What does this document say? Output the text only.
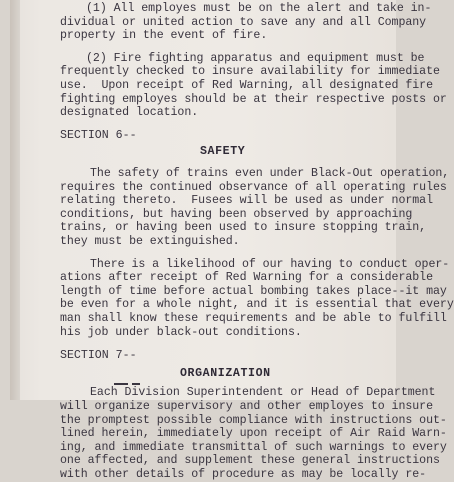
(1) All employes must be on the alert and take in-
dividual or united action to save any and all Company
property in the event of fire.
(2) Fire fighting apparatus and equipment must be
frequently checked to insure availability for immediate
use.  Upon receipt of Red Warning, all designated fire
fighting employes should be at their respective posts or
designated location.
SECTION 6--
SAFETY
The safety of trains even under Black-Out operation,
requires the continued observance of all operating rules
relating thereto.  Fusees will be used as under normal
conditions, but having been observed by approaching
trains, or having been used to insure stopping train,
they must be extinguished.
There is a likelihood of our having to conduct oper-
ations after receipt of Red Warning for a considerable
length of time before actual bombing takes place--it may
be even for a whole night, and it is essential that every
man shall know these requirements and be able to fulfill
his job under black-out conditions.
SECTION 7--
ORGANIZATION
Each Division Superintendent or Head of Department
will organize supervisory and other employes to insure
the promptest possible compliance with instructions out-
lined herein, immediately upon receipt of Air Raid Warn-
ing, and immediate transmittal of such warnings to every
one affected, and supplement these general instructions
with other details of procedure as may be locally re-
